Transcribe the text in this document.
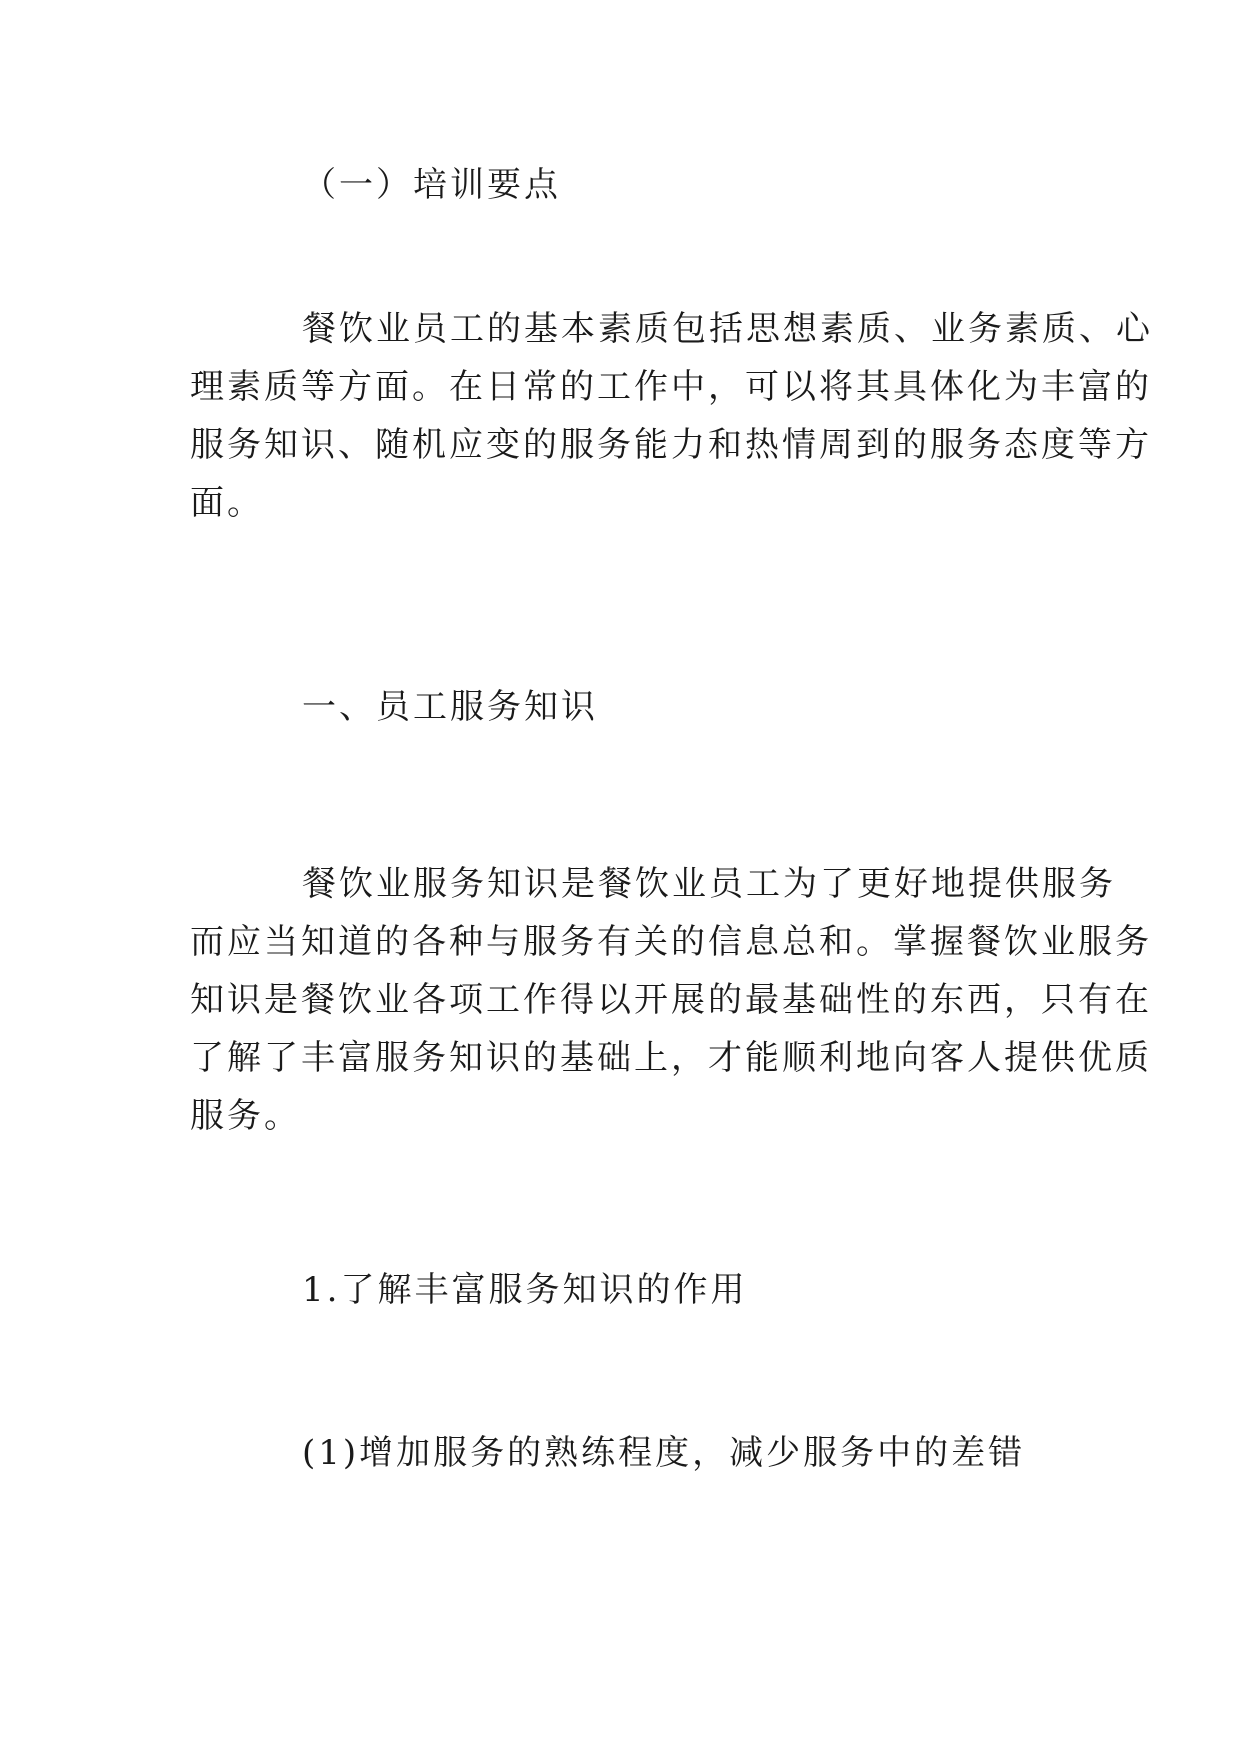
（一）培训要点
餐饮业员工的基本素质包括思想素质、业务素质、心
理素质等方面。在日常的工作中，可以将其具体化为丰富的
服务知识、随机应变的服务能力和热情周到的服务态度等方
面。
一、员工服务知识
餐饮业服务知识是餐饮业员工为了更好地提供服务
而应当知道的各种与服务有关的信息总和。掌握餐饮业服务
知识是餐饮业各项工作得以开展的最基础性的东西，只有在
了解了丰富服务知识的基础上，才能顺利地向客人提供优质
服务。
1.了解丰富服务知识的作用
(1)增加服务的熟练程度，减少服务中的差错
